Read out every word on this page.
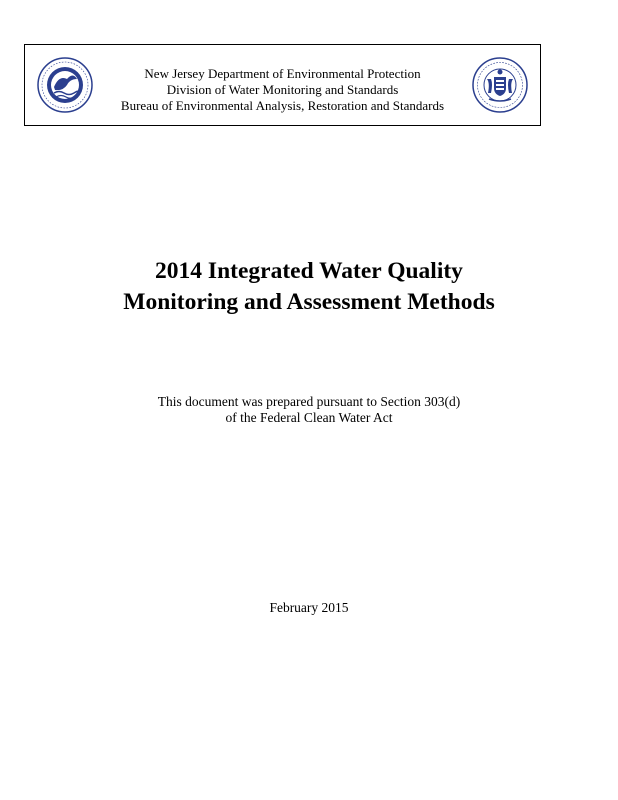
New Jersey Department of Environmental Protection
Division of Water Monitoring and Standards
Bureau of Environmental Analysis, Restoration and Standards
2014 Integrated Water Quality
Monitoring and Assessment Methods
This document was prepared pursuant to Section 303(d)
of the Federal Clean Water Act
February 2015
